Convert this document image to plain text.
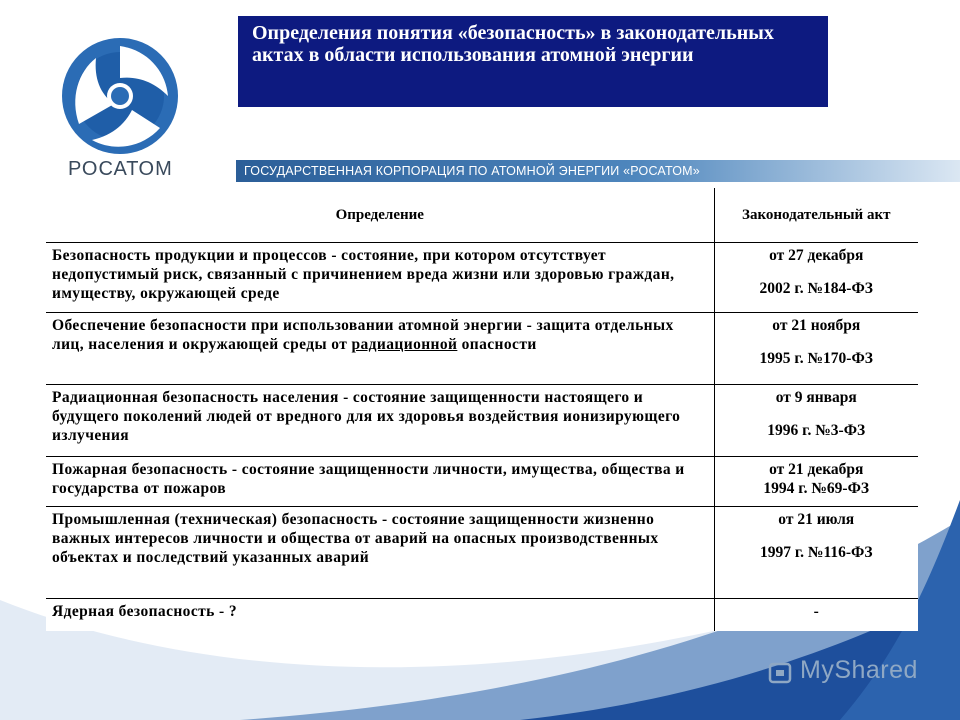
РОСАТОМ
Определения понятия «безопасность» в законодательных актах в области использования атомной энергии
ГОСУДАРСТВЕННАЯ КОРПОРАЦИЯ ПО АТОМНОЙ ЭНЕРГИИ «РОСАТОМ»
Определение	Законодательный акт
Безопасность продукции и процессов - состояние, при котором отсутствует недопустимый риск, связанный с причинением вреда жизни или здоровью граждан, имуществу, окружающей среде	от 27 декабря
2002 г. №184-ФЗ

Обеспечение безопасности при использовании атомной энергии - защита отдельных лиц, населения и окружающей среды от радиационной опасности	от 21 ноября
1995 г. №170-ФЗ

Радиационная безопасность населения - состояние защищенности настоящего и будущего поколений людей от вредного для их здоровья воздействия ионизирующего излучения	от 9 января
1996 г. №3-ФЗ

Пожарная безопасность - состояние защищенности личности, имущества, общества и государства от пожаров	от 21 декабря
1994 г. №69-ФЗ

Промышленная (техническая) безопасность - состояние защищенности жизненно важных интересов личности и общества от аварий на опасных производственных объектах и последствий указанных аварий	от 21 июля
1997 г. №116-ФЗ

Ядерная безопасность - ?	-
MyShared
